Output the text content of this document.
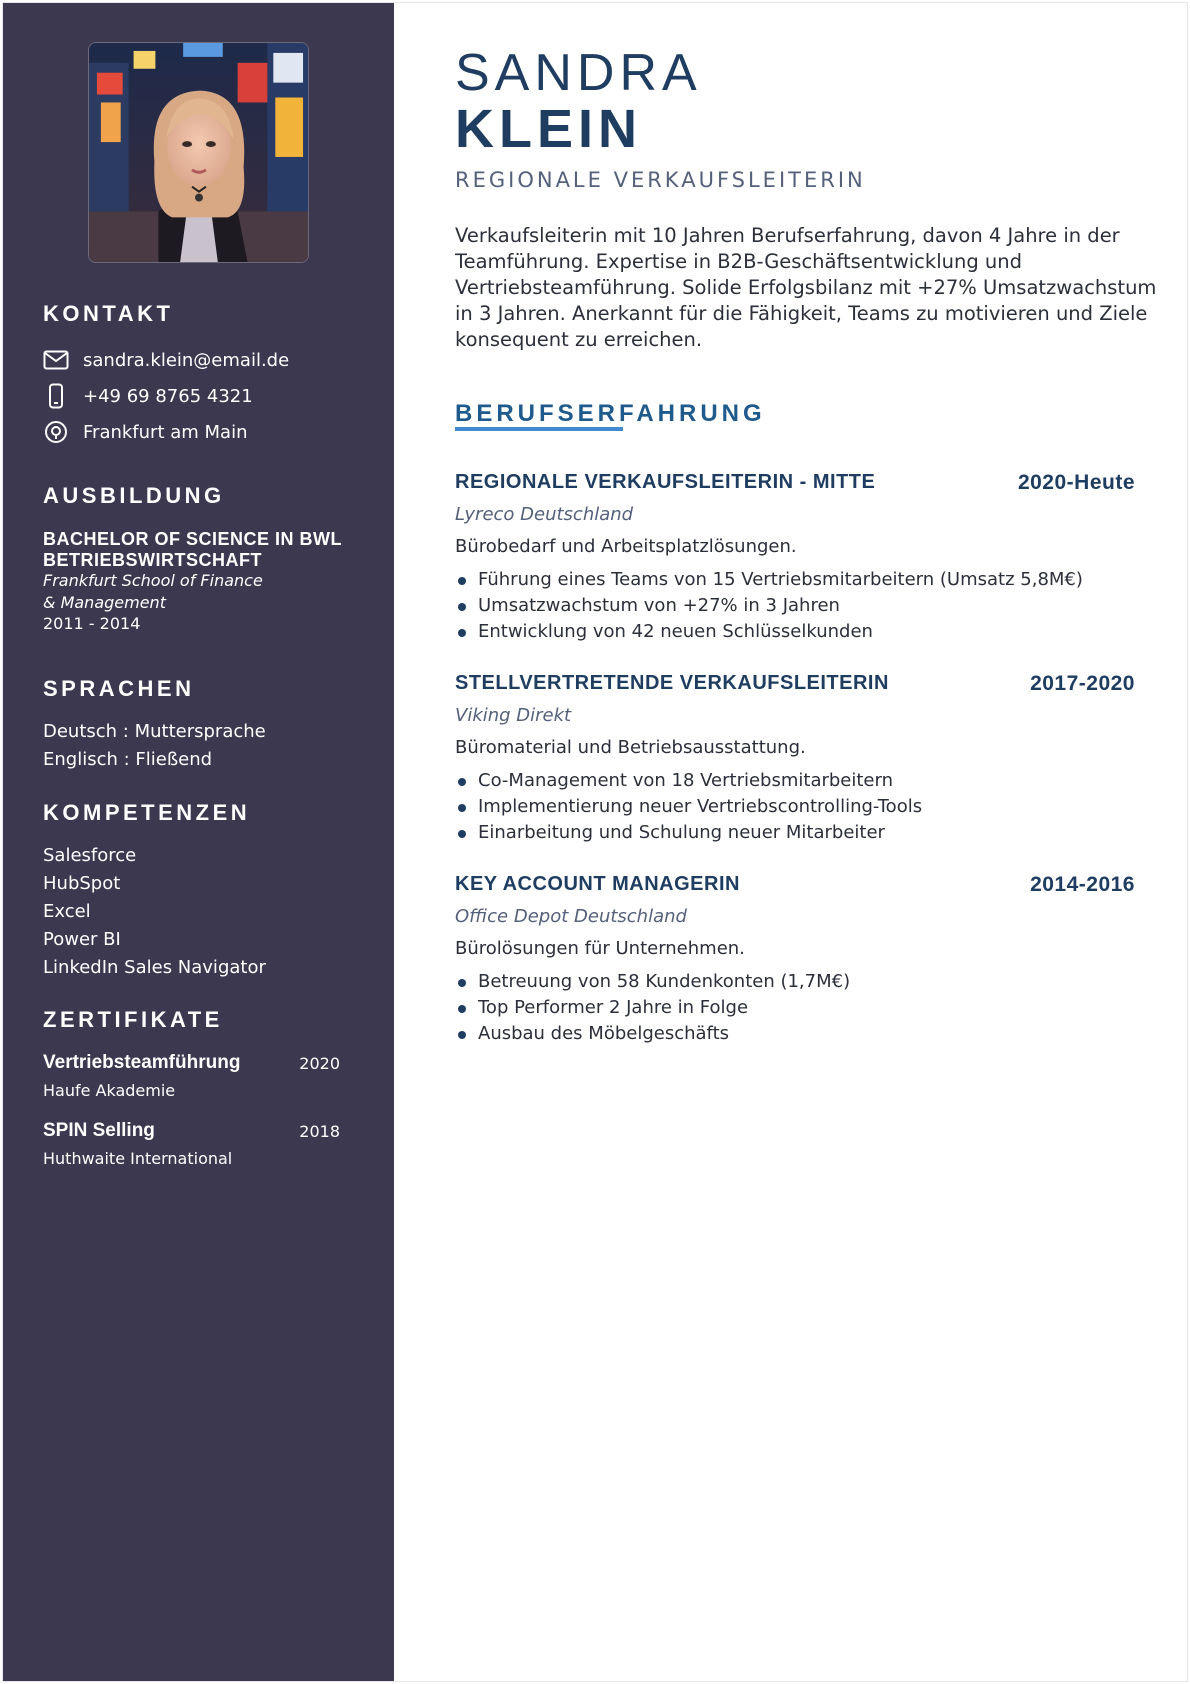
KONTAKT
sandra.klein@email.de
+49 69 8765 4321
Frankfurt am Main
AUSBILDUNG
BACHELOR OF SCIENCE IN BWL BETRIEBSWIRTSCHAFT
Frankfurt School of Finance & Management
2011 - 2014
SPRACHEN
Deutsch : Muttersprache
Englisch : Fließend
KOMPETENZEN
Salesforce
HubSpot
Excel
Power BI
LinkedIn Sales Navigator
ZERTIFIKATE
Vertriebsteamführung	2020
Haufe Akademie
SPIN Selling	2018
Huthwaite International
SANDRA
KLEIN
REGIONALE VERKAUFSLEITERIN

Verkaufsleiterin mit 10 Jahren Berufserfahrung, davon 4 Jahre in der Teamführung. Expertise in B2B-Geschäftsentwicklung und Vertriebsteamführung. Solide Erfolgsbilanz mit +27% Umsatzwachstum in 3 Jahren. Anerkannt für die Fähigkeit, Teams zu motivieren und Ziele konsequent zu erreichen.

BERUFSERFAHRUNG
REGIONALE VERKAUFSLEITERIN - MITTE	2020-Heute
Lyreco Deutschland
Bürobedarf und Arbeitsplatzlösungen.
Führung eines Teams von 15 Vertriebsmitarbeitern (Umsatz 5,8M€)
Umsatzwachstum von +27% in 3 Jahren
Entwicklung von 42 neuen Schlüsselkunden
STELLVERTRETENDE VERKAUFSLEITERIN	2017-2020
Viking Direkt
Büromaterial und Betriebsausstattung.
Co-Management von 18 Vertriebsmitarbeitern
Implementierung neuer Vertriebscontrolling-Tools
Einarbeitung und Schulung neuer Mitarbeiter
KEY ACCOUNT MANAGERIN	2014-2016
Office Depot Deutschland
Bürolösungen für Unternehmen.
Betreuung von 58 Kundenkonten (1,7M€)
Top Performer 2 Jahre in Folge
Ausbau des Möbelgeschäfts
